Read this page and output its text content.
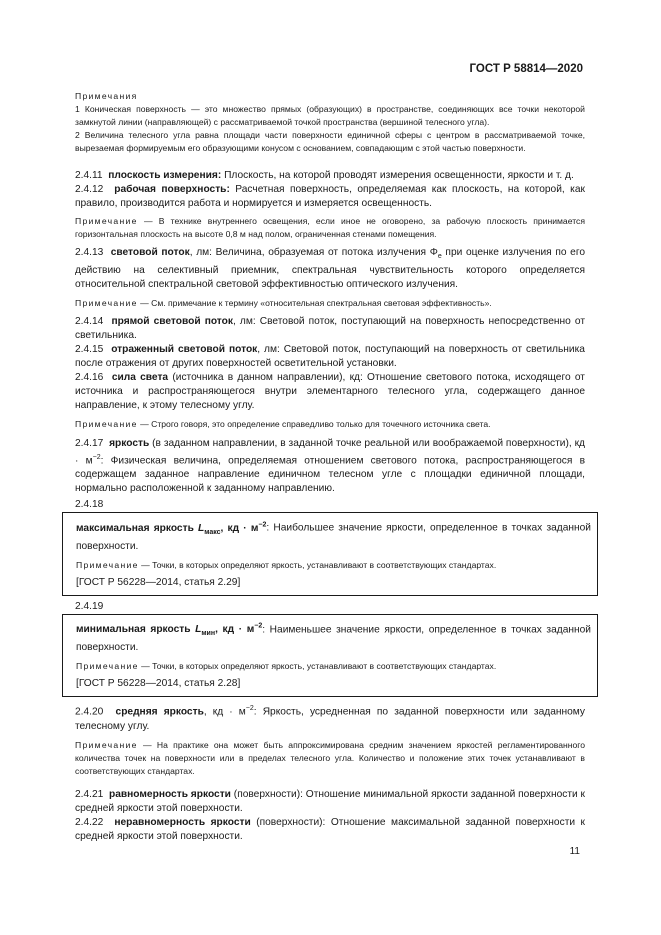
ГОСТ Р 58814—2020
Примечания
1 Коническая поверхность — это множество прямых (образующих) в пространстве, соединяющих все точки некоторой замкнутой линии (направляющей) с рассматриваемой точкой пространства (вершиной телесного угла).
2 Величина телесного угла равна площади части поверхности единичной сферы с центром в рассматриваемой точке, вырезаемая формируемым его образующими конусом с основанием, совпадающим с этой частью поверхности.
2.4.11 плоскость измерения: Плоскость, на которой проводят измерения освещенности, яркости и т. д.
2.4.12 рабочая поверхность: Расчетная поверхность, определяемая как плоскость, на которой, как правило, производится работа и нормируется и измеряется освещенность.
Примечание — В технике внутреннего освещения, если иное не оговорено, за рабочую плоскость принимается горизонтальная плоскость на высоте 0,8 м над полом, ограниченная стенами помещения.
2.4.13 световой поток, лм: Величина, образуемая от потока излучения $\Phi_e$ при оценке излучения по его действию на селективный приемник, спектральная чувствительность которого определяется относительной спектральной световой эффективностью оптического излучения.
Примечание — См. примечание к термину «относительная спектральная световая эффективность».
2.4.14 прямой световой поток, лм: Световой поток, поступающий на поверхность непосредственно от светильника.
2.4.15 отраженный световой поток, лм: Световой поток, поступающий на поверхность от светильника после отражения от других поверхностей осветительной установки.
2.4.16 сила света (источника в данном направлении), кд: Отношение светового потока, исходящего от источника и распространяющегося внутри элементарного телесного угла, содержащего данное направление, к этому телесному углу.
Примечание — Строго говоря, это определение справедливо только для точечного источника света.
2.4.17 яркость (в заданном направлении, в заданной точке реальной или воображаемой поверхности), кд · $м^{-2}$: Физическая величина, определяемая отношением светового потока, распространяющегося в содержащем заданное направление единичном телесном угле с площадки единичной площади, нормально расположенной к заданному направлению.
2.4.18
максимальная яркость $L_{макс}$, кд · $м^{-2}$: Наибольшее значение яркости, определенное в точках заданной поверхности.
Примечание — Точки, в которых определяют яркость, устанавливают в соответствующих стандартах.
[ГОСТ Р 56228—2014, статья 2.29]
2.4.19
минимальная яркость $L_{мин}$, кд · $м^{-2}$: Наименьшее значение яркости, определенное в точках заданной поверхности.
Примечание — Точки, в которых определяют яркость, устанавливают в соответствующих стандартах.
[ГОСТ Р 56228—2014, статья 2.28]
2.4.20 средняя яркость, кд · $м^{-2}$: Яркость, усредненная по заданной поверхности или заданному телесному углу.
Примечание — На практике она может быть аппроксимирована средним значением яркостей регламентированного количества точек на поверхности или в пределах телесного угла. Количество и положение этих точек устанавливают в соответствующих стандартах.
2.4.21 равномерность яркости (поверхности): Отношение минимальной яркости заданной поверхности к средней яркости этой поверхности.
2.4.22 неравномерность яркости (поверхности): Отношение максимальной заданной поверхности к средней яркости этой поверхности.
11
